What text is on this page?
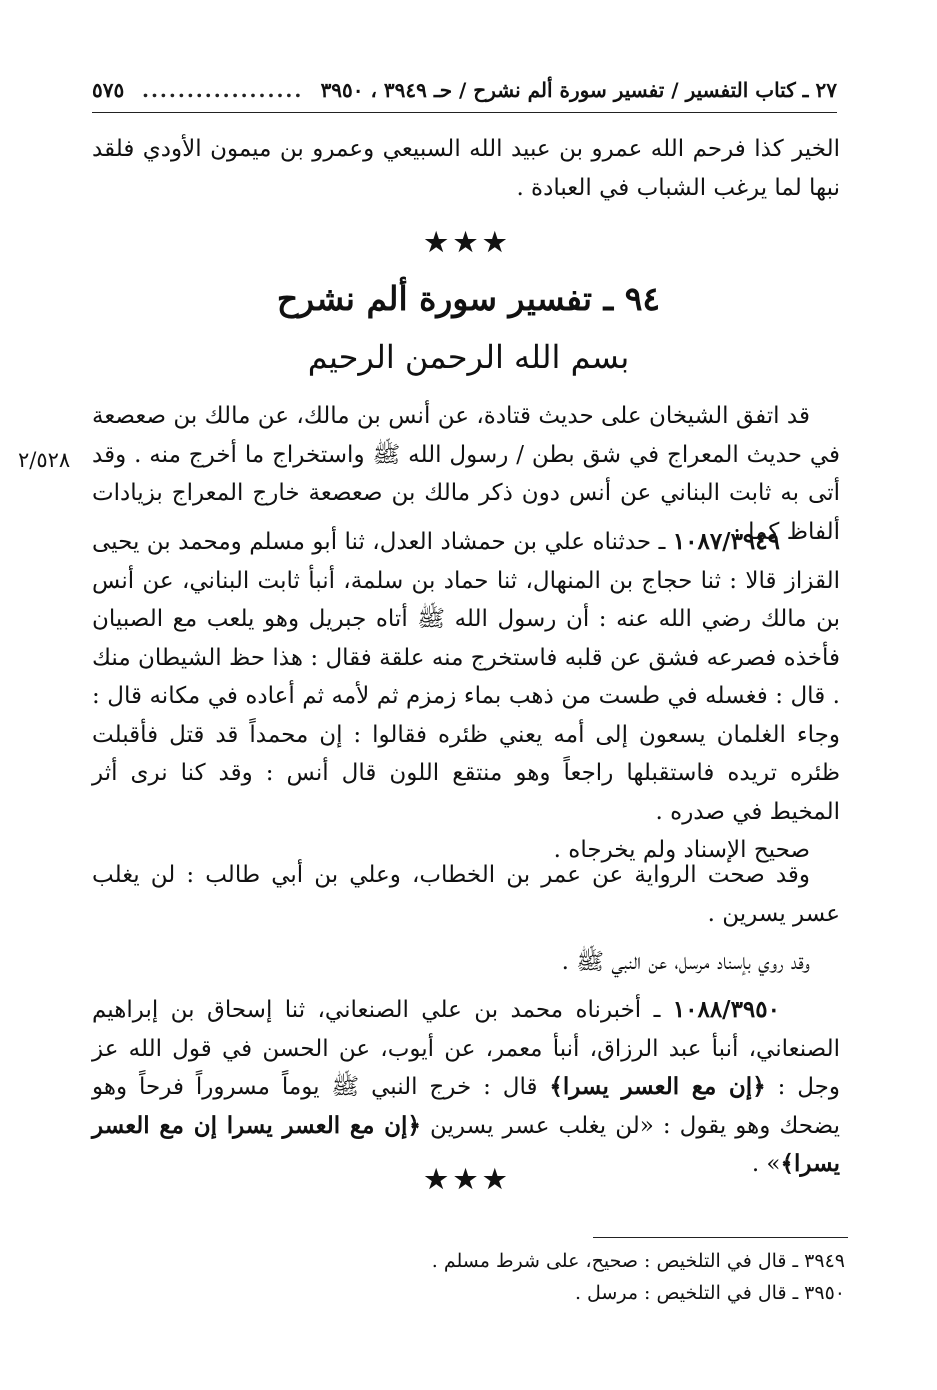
٢٧ ـ كتاب التفسير / تفسير سورة ألم نشرح / حـ ٣٩٤٩ ، ٣٩٥٠
..................
٥٧٥

الخير كذا فرحم الله عمرو بن عبيد الله السبيعي وعمرو بن ميمون الأودي فلقد نبها لما يرغب الشباب في العبادة .

★★★
٩٤ ـ تفسير سورة ألم نشرح
بسم الله الرحمن الرحيم
٢/٥٢٨

قد اتفق الشيخان على حديث قتادة، عن أنس بن مالك، عن مالك بن صعصعة في حديث المعراج في شق بطن / رسول الله ﷺ واستخراج ما أخرج منه . وقد أتى به ثابت البناني عن أنس دون ذكر مالك بن صعصعة خارج المعراج بزيادات ألفاظ كما :

١٠٨٧/٣٩٤٩ ـ حدثناه علي بن حمشاد العدل، ثنا أبو مسلم ومحمد بن يحيى القزاز قالا : ثنا حجاج بن المنهال، ثنا حماد بن سلمة، أنبأ ثابت البناني، عن أنس بن مالك رضي الله عنه : أن رسول الله ﷺ أتاه جبريل وهو يلعب مع الصبيان فأخذه فصرعه فشق عن قلبه فاستخرج منه علقة فقال : هذا حظ الشيطان منك . قال : فغسله في طست من ذهب بماء زمزم ثم لأمه ثم أعاده في مكانه قال : وجاء الغلمان يسعون إلى أمه يعني ظئره فقالوا : إن محمداً قد قتل فأقبلت ظئره تريده فاستقبلها راجعاً وهو منتقع اللون قال أنس : وقد كنا نرى أثر المخيط في صدره .

صحيح الإسناد ولم يخرجاه .

وقد صحت الرواية عن عمر بن الخطاب، وعلي بن أبي طالب : لن يغلب عسر يسرين .

وقد روي بإسناد مرسل، عن النبي ﷺ .

١٠٨٨/٣٩٥٠ ـ أخبرناه محمد بن علي الصنعاني، ثنا إسحاق بن إبراهيم الصنعاني، أنبأ عبد الرزاق، أنبأ معمر، عن أيوب، عن الحسن في قول الله عز وجل : ﴿إن مع العسر يسرا﴾ قال : خرج النبي ﷺ يوماً مسروراً فرحاً وهو يضحك وهو يقول : «لن يغلب عسر يسرين ﴿إن مع العسر يسرا إن مع العسر يسرا﴾» .

★★★

٣٩٤٩ ـ قال في التلخيص : صحيح، على شرط مسلم .

٣٩٥٠ ـ قال في التلخيص : مرسل .
